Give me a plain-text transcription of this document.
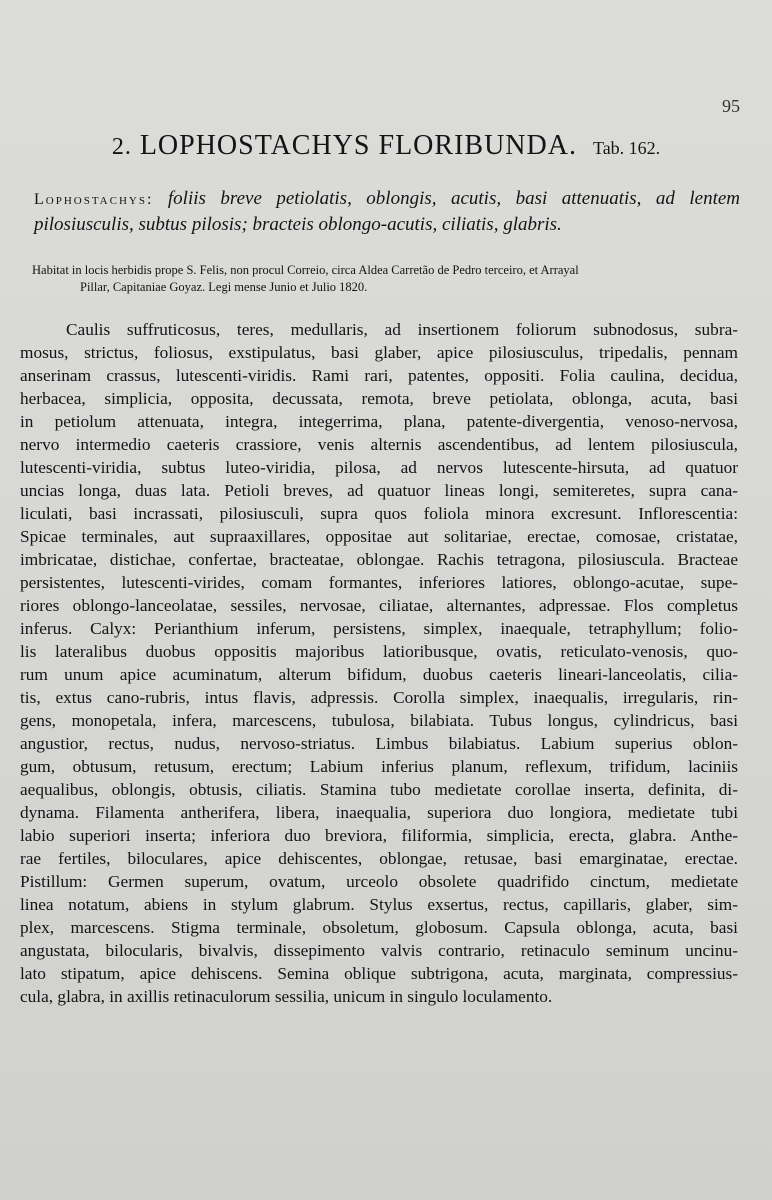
95
2. LOPHOSTACHYS FLORIBUNDA. Tab. 162.
Lophostachys: foliis breve petiolatis, oblongis, acutis, basi attenuatis, ad lentem pilosiusculis, subtus pilosis; bracteis oblongo-acutis, ciliatis, glabris.
Habitat in locis herbidis prope S. Felis, non procul Correio, circa Aldea Carretão de Pedro terceiro, et Arrayal
Pillar, Capitaniae Goyaz. Legi mense Junio et Julio 1820.
Caulis suffruticosus, teres, medullaris, ad insertionem foliorum subnodosus, subra-
mosus, strictus, foliosus, exstipulatus, basi glaber, apice pilosiusculus, tripedalis, pennam
anserinam crassus, lutescenti-viridis. Rami rari, patentes, oppositi. Folia caulina, decidua,
herbacea, simplicia, opposita, decussata, remota, breve petiolata, oblonga, acuta, basi
in petiolum attenuata, integra, integerrima, plana, patente-divergentia, venoso-nervosa,
nervo intermedio caeteris crassiore, venis alternis ascendentibus, ad lentem pilosiuscula,
lutescenti-viridia, subtus luteo-viridia, pilosa, ad nervos lutescente-hirsuta, ad quatuor
uncias longa, duas lata. Petioli breves, ad quatuor lineas longi, semiteretes, supra cana-
liculati, basi incrassati, pilosiusculi, supra quos foliola minora excresunt. Inflorescentia:
Spicae terminales, aut supraaxillares, oppositae aut solitariae, erectae, comosae, cristatae,
imbricatae, distichae, confertae, bracteatae, oblongae. Rachis tetragona, pilosiuscula. Bracteae
persistentes, lutescenti-virides, comam formantes, inferiores latiores, oblongo-acutae, supe-
riores oblongo-lanceolatae, sessiles, nervosae, ciliatae, alternantes, adpressae. Flos completus
inferus. Calyx: Perianthium inferum, persistens, simplex, inaequale, tetraphyllum; folio-
lis lateralibus duobus oppositis majoribus latioribusque, ovatis, reticulato-venosis, quo-
rum unum apice acuminatum, alterum bifidum, duobus caeteris lineari-lanceolatis, cilia-
tis, extus cano-rubris, intus flavis, adpressis. Corolla simplex, inaequalis, irregularis, rin-
gens, monopetala, infera, marcescens, tubulosa, bilabiata. Tubus longus, cylindricus, basi
angustior, rectus, nudus, nervoso-striatus. Limbus bilabiatus. Labium superius oblon-
gum, obtusum, retusum, erectum; Labium inferius planum, reflexum, trifidum, laciniis
aequalibus, oblongis, obtusis, ciliatis. Stamina tubo medietate corollae inserta, definita, di-
dynama. Filamenta antherifera, libera, inaequalia, superiora duo longiora, medietate tubi
labio superiori inserta; inferiora duo breviora, filiformia, simplicia, erecta, glabra. Anthe-
rae fertiles, biloculares, apice dehiscentes, oblongae, retusae, basi emarginatae, erectae.
Pistillum: Germen superum, ovatum, urceolo obsolete quadrifido cinctum, medietate
linea notatum, abiens in stylum glabrum. Stylus exsertus, rectus, capillaris, glaber, sim-
plex, marcescens. Stigma terminale, obsoletum, globosum. Capsula oblonga, acuta, basi
angustata, bilocularis, bivalvis, dissepimento valvis contrario, retinaculo seminum uncinu-
lato stipatum, apice dehiscens. Semina oblique subtrigona, acuta, marginata, compressius-
cula, glabra, in axillis retinaculorum sessilia, unicum in singulo loculamento.
